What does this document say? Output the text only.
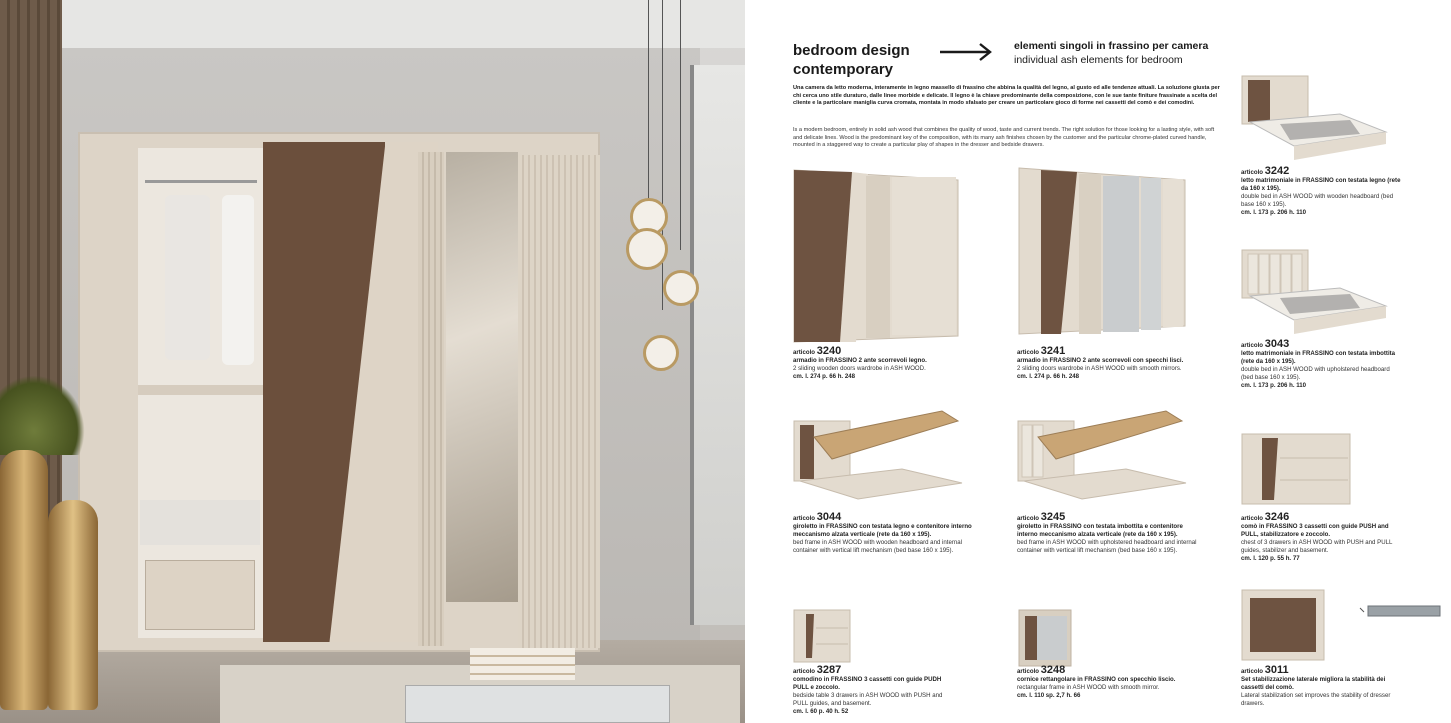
bedroom design
contemporary
elementi singoli in frassino per camera
individual ash elements for bedroom
Una camera da letto moderna, interamente in legno massello di frassino che abbina la qualità del legno, al gusto ed alle tendenze attuali. La soluzione giusta per chi cerca uno stile duraturo, dalle linee morbide e delicate. Il legno è la chiave predominante della composizione, con le sue tante finiture frassinate a scelta del cliente e la particolare maniglia curva cromata, montata in modo sfalsato per creare un particolare gioco di forme nei cassetti del comò e dei comodini.
Is a modern bedroom, entirely in solid ash wood that combines the quality of wood, taste and current trends. The right solution for those looking for a lasting style, with soft and delicate lines. Wood is the predominant key of the composition, with its many ash finishes chosen by the customer and the particular chrome-plated curved handle, mounted in a staggered way to create a particular play of shapes in the dresser and bedside drawers.
articolo 3240
armadio in FRASSINO 2 ante scorrevoli legno.
2 sliding wooden doors wardrobe in ASH WOOD.
cm. l. 274 p. 66 h. 248
articolo 3241
armadio in FRASSINO 2 ante scorrevoli con specchi lisci.
2 sliding doors wardrobe in ASH WOOD with smooth mirrors.
cm. l. 274 p. 66 h. 248
articolo 3242
letto matrimoniale in FRASSINO con testata legno (rete da 160 x 195).
double bed in ASH WOOD with wooden headboard (bed base 160 x 195).
cm. l. 173 p. 206 h. 110
articolo 3043
letto matrimoniale in FRASSINO con testata imbottita (rete da 160 x 195).
double bed in ASH WOOD with upholstered headboard (bed base 160 x 195).
cm. l. 173 p. 206 h. 110
articolo 3044
giroletto in FRASSINO con testata legno e contenitore interno meccanismo alzata verticale (rete da 160 x 195).
bed frame in ASH WOOD with wooden headboard and internal container with vertical lift mechanism (bed base 160 x 195).
articolo 3245
giroletto in FRASSINO con testata imbottita e contenitore interno meccanismo alzata verticale (rete da 160 x 195).
bed frame in ASH WOOD with upholstered headboard and internal container with vertical lift mechanism (bed base 160 x 195).
articolo 3246
comò in FRASSINO 3 cassetti con guide PUSH and PULL, stabilizzatore e zoccolo.
chest of 3 drawers in ASH WOOD with PUSH and PULL guides, stabilizer and basement.
cm. l. 120 p. 55 h. 77
articolo 3287
comodino in FRASSINO 3 cassetti con guide PUDH PULL e zoccolo.
bedside table 3 drawers in ASH WOOD with PUSH and PULL guides, and basement.
cm. l. 60 p. 40 h. 52
articolo 3248
cornice rettangolare in FRASSINO con specchio liscio.
rectangular frame in ASH WOOD with smooth mirror.
cm. l. 110 sp. 2,7 h. 66
articolo 3011
Set stabilizzazione laterale migliora la stabilità dei cassetti del comò.
Lateral stabilization set improves the stability of dresser drawers.
